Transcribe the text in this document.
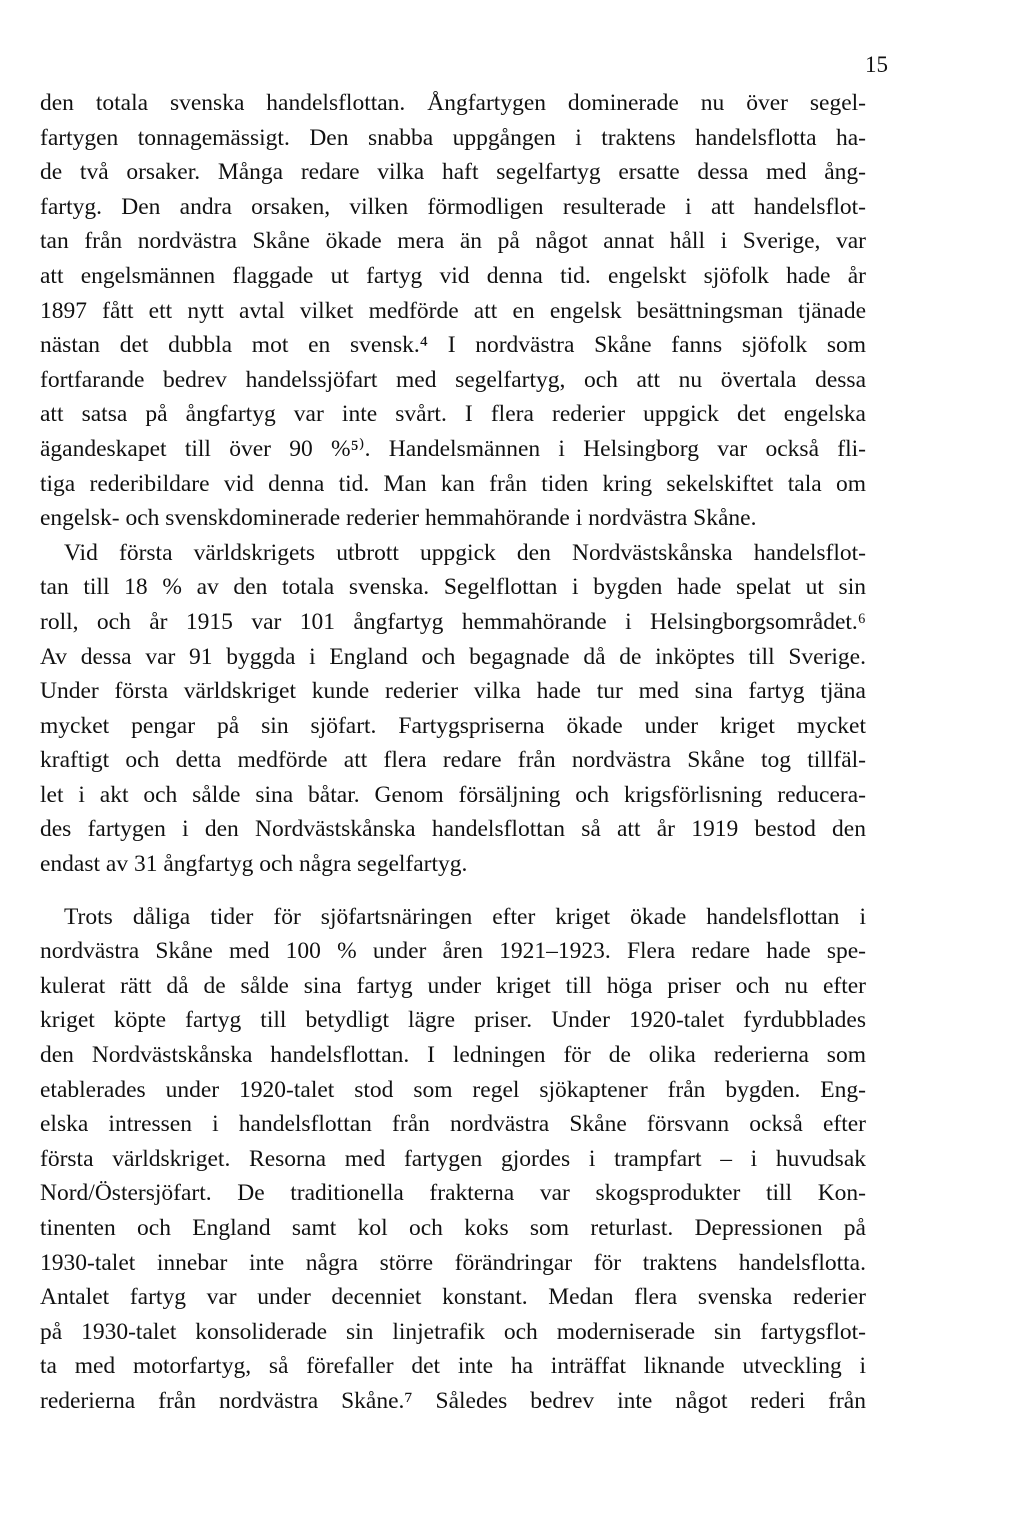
15
den totala svenska handelsflottan. Ångfartygen dominerade nu över segel-
fartygen tonnagemässigt. Den snabba uppgången i traktens handelsflotta ha-
de två orsaker. Många redare vilka haft segelfartyg ersatte dessa med ång-
fartyg. Den andra orsaken, vilken förmodligen resulterade i att handelsflot-
tan från nordvästra Skåne ökade mera än på något annat håll i Sverige, var
att engelsmännen flaggade ut fartyg vid denna tid. engelskt sjöfolk hade år
1897 fått ett nytt avtal vilket medförde att en engelsk besättningsman tjänade
nästan det dubbla mot en svensk.⁴ I nordvästra Skåne fanns sjöfolk som
fortfarande bedrev handelssjöfart med segelfartyg, och att nu övertala dessa
att satsa på ångfartyg var inte svårt. I flera rederier uppgick det engelska
ägandeskapet till över 90 %⁵⁾. Handelsmännen i Helsingborg var också fli-
tiga rederibildare vid denna tid. Man kan från tiden kring sekelskiftet tala om
engelsk- och svenskdominerade rederier hemmahörande i nordvästra Skåne.
Vid första världskrigets utbrott uppgick den Nordvästskånska handelsflot-
tan till 18 % av den totala svenska. Segelflottan i bygden hade spelat ut sin
roll, och år 1915 var 101 ångfartyg hemmahörande i Helsingborgsområdet.⁶
Av dessa var 91 byggda i England och begagnade då de inköptes till Sverige.
Under första världskriget kunde rederier vilka hade tur med sina fartyg tjäna
mycket pengar på sin sjöfart. Fartygspriserna ökade under kriget mycket
kraftigt och detta medförde att flera redare från nordvästra Skåne tog tillfäl-
let i akt och sålde sina båtar. Genom försäljning och krigsförlisning reducera-
des fartygen i den Nordvästskånska handelsflottan så att år 1919 bestod den
endast av 31 ångfartyg och några segelfartyg.
Trots dåliga tider för sjöfartsnäringen efter kriget ökade handelsflottan i
nordvästra Skåne med 100 % under åren 1921–1923. Flera redare hade spe-
kulerat rätt då de sålde sina fartyg under kriget till höga priser och nu efter
kriget köpte fartyg till betydligt lägre priser. Under 1920-talet fyrdubblades
den Nordvästskånska handelsflottan. I ledningen för de olika rederierna som
etablerades under 1920-talet stod som regel sjökaptener från bygden. Eng-
elska intressen i handelsflottan från nordvästra Skåne försvann också efter
första världskriget. Resorna med fartygen gjordes i trampfart – i huvudsak
Nord/Östersjöfart. De traditionella frakterna var skogsprodukter till Kon-
tinenten och England samt kol och koks som returlast. Depressionen på
1930-talet innebar inte några större förändringar för traktens handelsflotta.
Antalet fartyg var under decenniet konstant. Medan flera svenska rederier
på 1930-talet konsoliderade sin linjetrafik och moderniserade sin fartygsflot-
ta med motorfartyg, så förefaller det inte ha inträffat liknande utveckling i
rederierna från nordvästra Skåne.⁷ Således bedrev inte något rederi från
